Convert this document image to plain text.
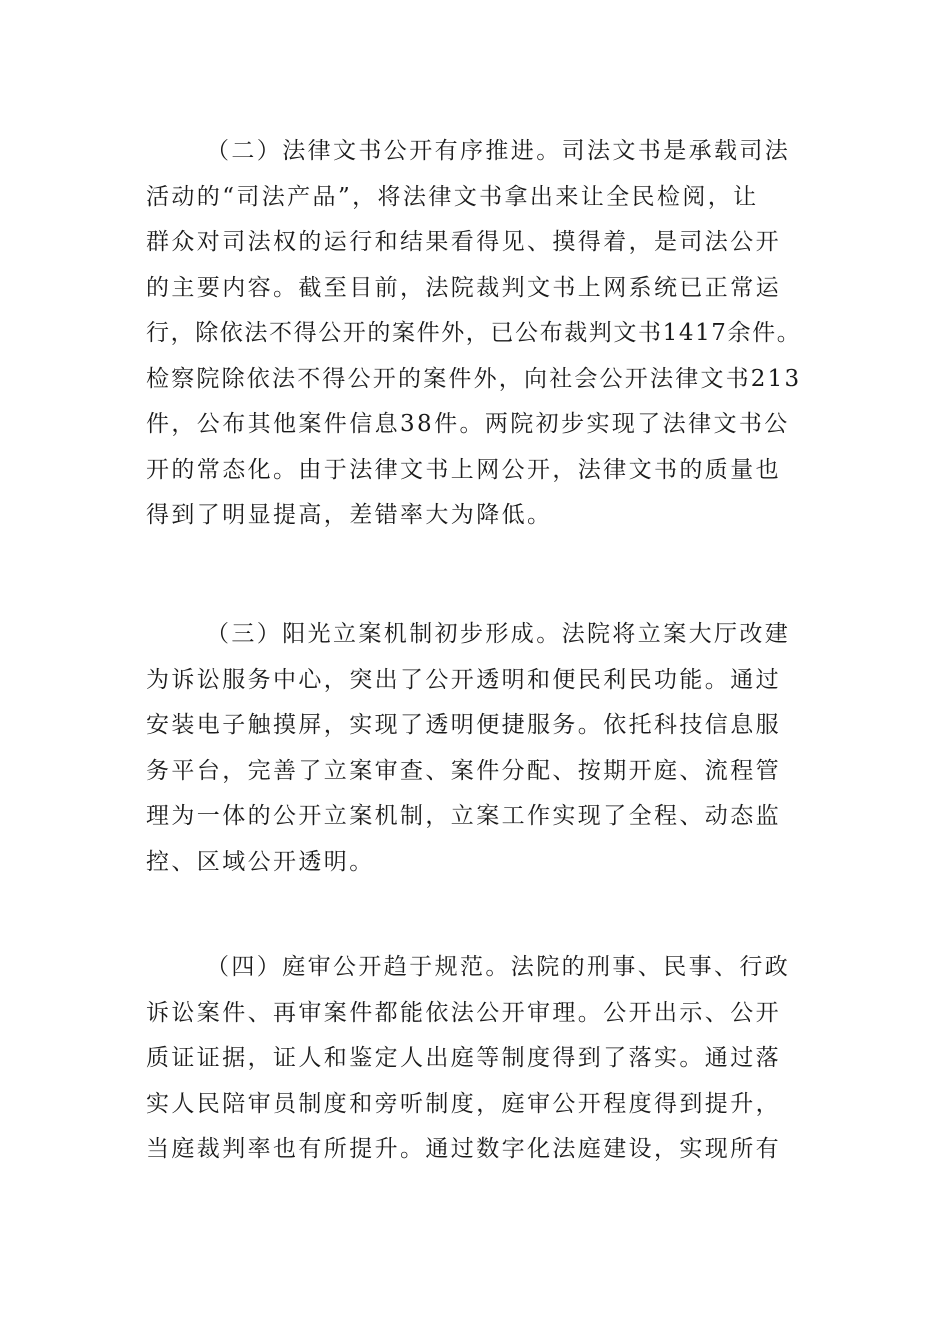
（二）法律文书公开有序推进。司法文书是承载司法
活动的“司法产品”，将法律文书拿出来让全民检阅，让
群众对司法权的运行和结果看得见、摸得着，是司法公开
的主要内容。截至目前，法院裁判文书上网系统已正常运
行，除依法不得公开的案件外，已公布裁判文书1417余件。
检察院除依法不得公开的案件外，向社会公开法律文书213
件，公布其他案件信息38件。两院初步实现了法律文书公
开的常态化。由于法律文书上网公开，法律文书的质量也
得到了明显提高，差错率大为降低。
（三）阳光立案机制初步形成。法院将立案大厅改建
为诉讼服务中心，突出了公开透明和便民利民功能。通过
安装电子触摸屏，实现了透明便捷服务。依托科技信息服
务平台，完善了立案审查、案件分配、按期开庭、流程管
理为一体的公开立案机制，立案工作实现了全程、动态监
控、区域公开透明。
（四）庭审公开趋于规范。法院的刑事、民事、行政
诉讼案件、再审案件都能依法公开审理。公开出示、公开
质证证据，证人和鉴定人出庭等制度得到了落实。通过落
实人民陪审员制度和旁听制度，庭审公开程度得到提升，
当庭裁判率也有所提升。通过数字化法庭建设，实现所有
